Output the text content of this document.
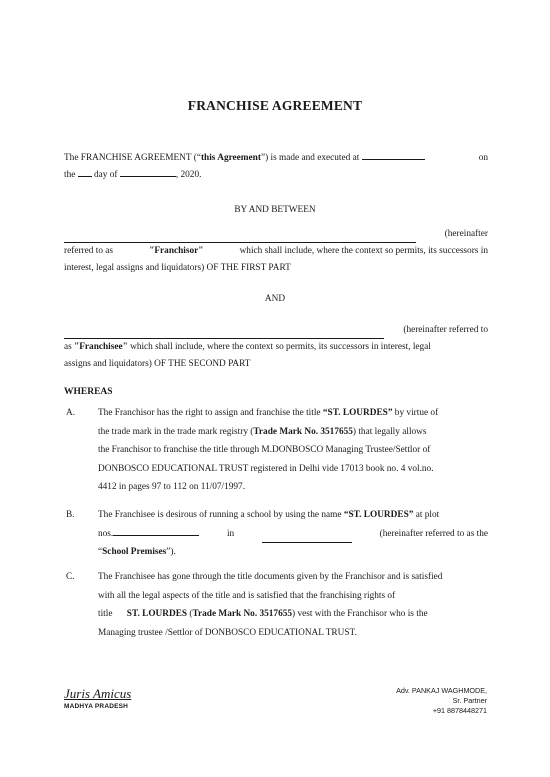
FRANCHISE AGREEMENT
The FRANCHISE AGREEMENT (“this Agreement”) is made and executed at	on
the day of	, 2020.
BY AND BETWEEN
(hereinafter
referred to as	"Franchisor"	which shall include, where the context so permits, its successors in
interest, legal assigns and liquidators) OF THE FIRST PART
AND
(hereinafter referred to
as "Franchisee" which shall include, where the context so permits, its successors in interest, legal
assigns and liquidators) OF THE SECOND PART
WHEREAS
A.	The Franchisor has the right to assign and franchise the title “ST. LOURDES” by virtue of
the trade mark in the trade mark registry (Trade Mark No. 3517655) that legally allows
the Franchisor to franchise the title through M.DONBOSCO Managing Trustee/Settlor of
DONBOSCO EDUCATIONAL TRUST registered in Delhi vide 17013 book no. 4 vol.no.
4412 in pages 97 to 112 on 11/07/1997.
B.	The Franchisee is desirous of running a school by using the name “ST. LOURDES” at plot
nos.	in	(hereinafter referred to as the
“School Premises”).
C.	The Franchisee has gone through the title documents given by the Franchisor and is satisfied
with all the legal aspects of the title and is satisfied that the franchising rights of
title ST. LOURDES (Trade Mark No. 3517655) vest with the Franchisor who is the
Managing trustee /Settlor of DONBOSCO EDUCATIONAL TRUST.
Juris Amicus
MADHYA PRADESH
Adv. PANKAJ WAGHMODE,
Sr. Partner
+91 8878448271
